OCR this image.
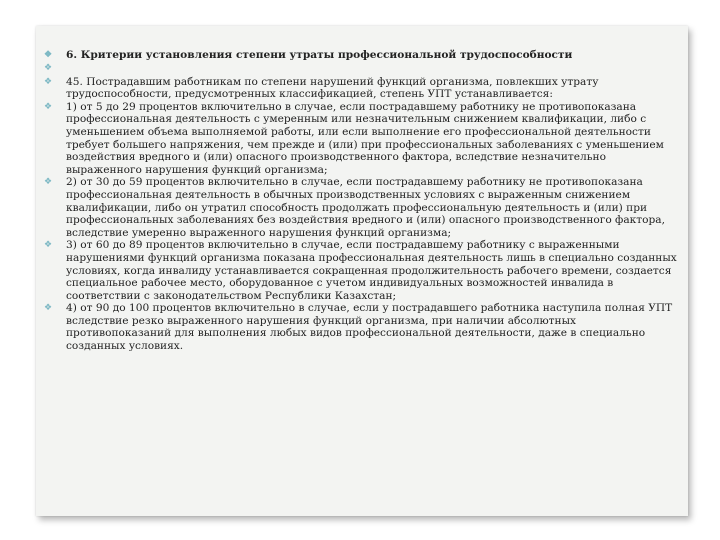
❖ 6. Критерии установления степени утраты профессиональной трудоспособности
❖
❖ 45. Пострадавшим работникам по степени нарушений функций организма, повлекших утрату трудоспособности, предусмотренных классификацией, степень УПТ устанавливается:
❖ 1) от 5 до 29 процентов включительно в случае, если пострадавшему работнику не противопоказана профессиональная деятельность с умеренным или незначительным снижением квалификации, либо с уменьшением объема выполняемой работы, или если выполнение его профессиональной деятельности требует большего напряжения, чем прежде и (или) при профессиональных заболеваниях с уменьшением воздействия вредного и (или) опасного производственного фактора, вследствие незначительно выраженного нарушения функций организма;
❖ 2) от 30 до 59 процентов включительно в случае, если пострадавшему работнику не противопоказана профессиональная деятельность в обычных производственных условиях с выраженным снижением квалификации, либо он утратил способность продолжать профессиональную деятельность и (или) при профессиональных заболеваниях без воздействия вредного и (или) опасного производственного фактора, вследствие умеренно выраженного нарушения функций организма;
❖ 3) от 60 до 89 процентов включительно в случае, если пострадавшему работнику с выраженными нарушениями функций организма показана профессиональная деятельность лишь в специально созданных условиях, когда инвалиду устанавливается сокращенная продолжительность рабочего времени, создается специальное рабочее место, оборудованное с учетом индивидуальных возможностей инвалида в соответствии с законодательством Республики Казахстан;
❖ 4) от 90 до 100 процентов включительно в случае, если у пострадавшего работника наступила полная УПТ вследствие резко выраженного нарушения функций организма, при наличии абсолютных противопоказаний для выполнения любых видов профессиональной деятельности, даже в специально созданных условиях.
